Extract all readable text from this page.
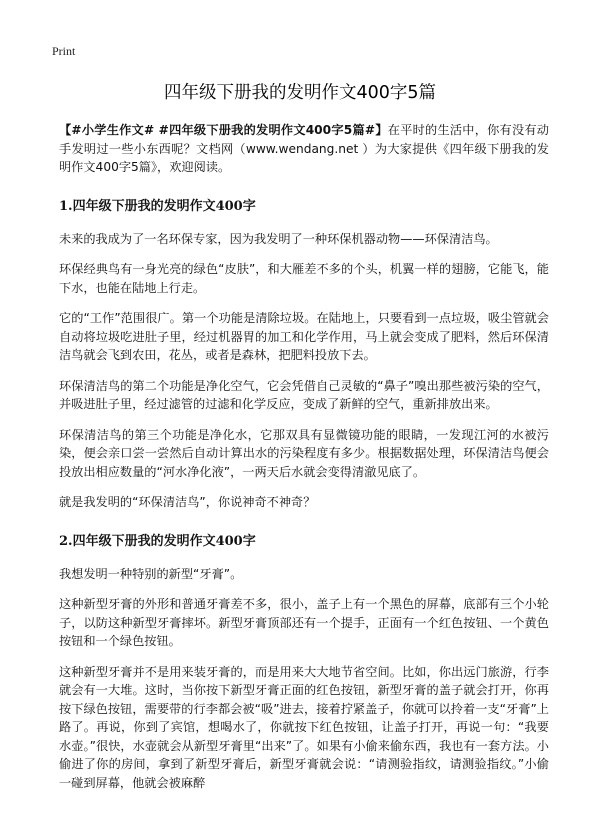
Print
四年级下册我的发明作文400字5篇

【#小学生作文# #四年级下册我的发明作文400字5篇#】在平时的生活中，你有没有动手发明过一些小东西呢？文档网（www.wendang.net ）为大家提供《四年级下册我的发明作文400字5篇》，欢迎阅读。

1.四年级下册我的发明作文400字

未来的我成为了一名环保专家，因为我发明了一种环保机器动物——环保清洁鸟。

环保经典鸟有一身光亮的绿色“皮肤”，和大雁差不多的个头，机翼一样的翅膀，它能飞，能下水，也能在陆地上行走。

它的“工作”范围很广。第一个功能是清除垃圾。在陆地上，只要看到一点垃圾，吸尘管就会自动将垃圾吃进肚子里，经过机器胃的加工和化学作用，马上就会变成了肥料，然后环保清洁鸟就会飞到农田，花丛，或者是森林，把肥料投放下去。

环保清洁鸟的第二个功能是净化空气，它会凭借自己灵敏的“鼻子”嗅出那些被污染的空气，并吸进肚子里，经过滤管的过滤和化学反应，变成了新鲜的空气，重新排放出来。

环保清洁鸟的第三个功能是净化水，它那双具有显微镜功能的眼睛，一发现江河的水被污染，便会亲口尝一尝然后自动计算出水的污染程度有多少。根据数据处理，环保清洁鸟便会投放出相应数量的“河水净化液”，一两天后水就会变得清澈见底了。

就是我发明的“环保清洁鸟”，你说神奇不神奇？

2.四年级下册我的发明作文400字

我想发明一种特别的新型“牙膏”。

这种新型牙膏的外形和普通牙膏差不多，很小，盖子上有一个黑色的屏幕，底部有三个小轮子，以防这种新型牙膏摔坏。新型牙膏顶部还有一个提手，正面有一个红色按钮、一个黄色按钮和一个绿色按钮。

这种新型牙膏并不是用来装牙膏的，而是用来大大地节省空间。比如，你出远门旅游，行李就会有一大堆。这时，当你按下新型牙膏正面的红色按钮，新型牙膏的盖子就会打开，你再按下绿色按钮，需要带的行李都会被“吸”进去，接着拧紧盖子，你就可以拎着一支“牙膏”上路了。再说，你到了宾馆，想喝水了，你就按下红色按钮，让盖子打开，再说一句：“我要水壶。”很快，水壶就会从新型牙膏里“出来”了。如果有小偷来偷东西，我也有一套方法。小偷进了你的房间，拿到了新型牙膏后，新型牙膏就会说：“请测验指纹，请测验指纹。”小偷一碰到屏幕，他就会被麻醉
